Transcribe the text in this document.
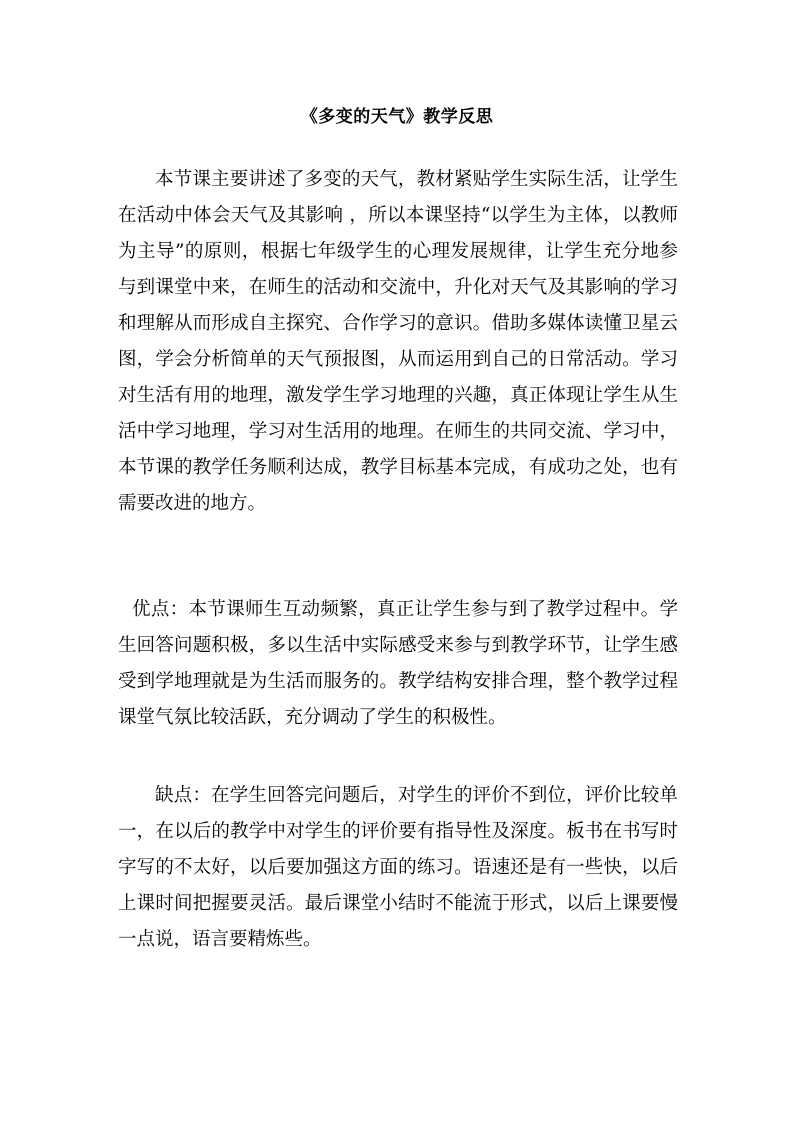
《多变的天气》教学反思

本节课主要讲述了多变的天气，教材紧贴学生实际生活，让学生在活动中体会天气及其影响 ，所以本课坚持“以学生为主体，以教师为主导”的原则，根据七年级学生的心理发展规律，让学生充分地参与到课堂中来，在师生的活动和交流中，升化对天气及其影响的学习和理解从而形成自主探究、合作学习的意识。借助多媒体读懂卫星云图，学会分析简单的天气预报图，从而运用到自己的日常活动。学习对生活有用的地理，激发学生学习地理的兴趣，真正体现让学生从生活中学习地理，学习对生活用的地理。在师生的共同交流、学习中，本节课的教学任务顺利达成，教学目标基本完成，有成功之处，也有需要改进的地方。

优点：本节课师生互动频繁，真正让学生参与到了教学过程中。学生回答问题积极，多以生活中实际感受来参与到教学环节，让学生感受到学地理就是为生活而服务的。教学结构安排合理，整个教学过程课堂气氛比较活跃，充分调动了学生的积极性。

缺点：在学生回答完问题后，对学生的评价不到位，评价比较单一，在以后的教学中对学生的评价要有指导性及深度。板书在书写时字写的不太好，以后要加强这方面的练习。语速还是有一些快，以后上课时间把握要灵活。最后课堂小结时不能流于形式，以后上课要慢一点说，语言要精炼些。
